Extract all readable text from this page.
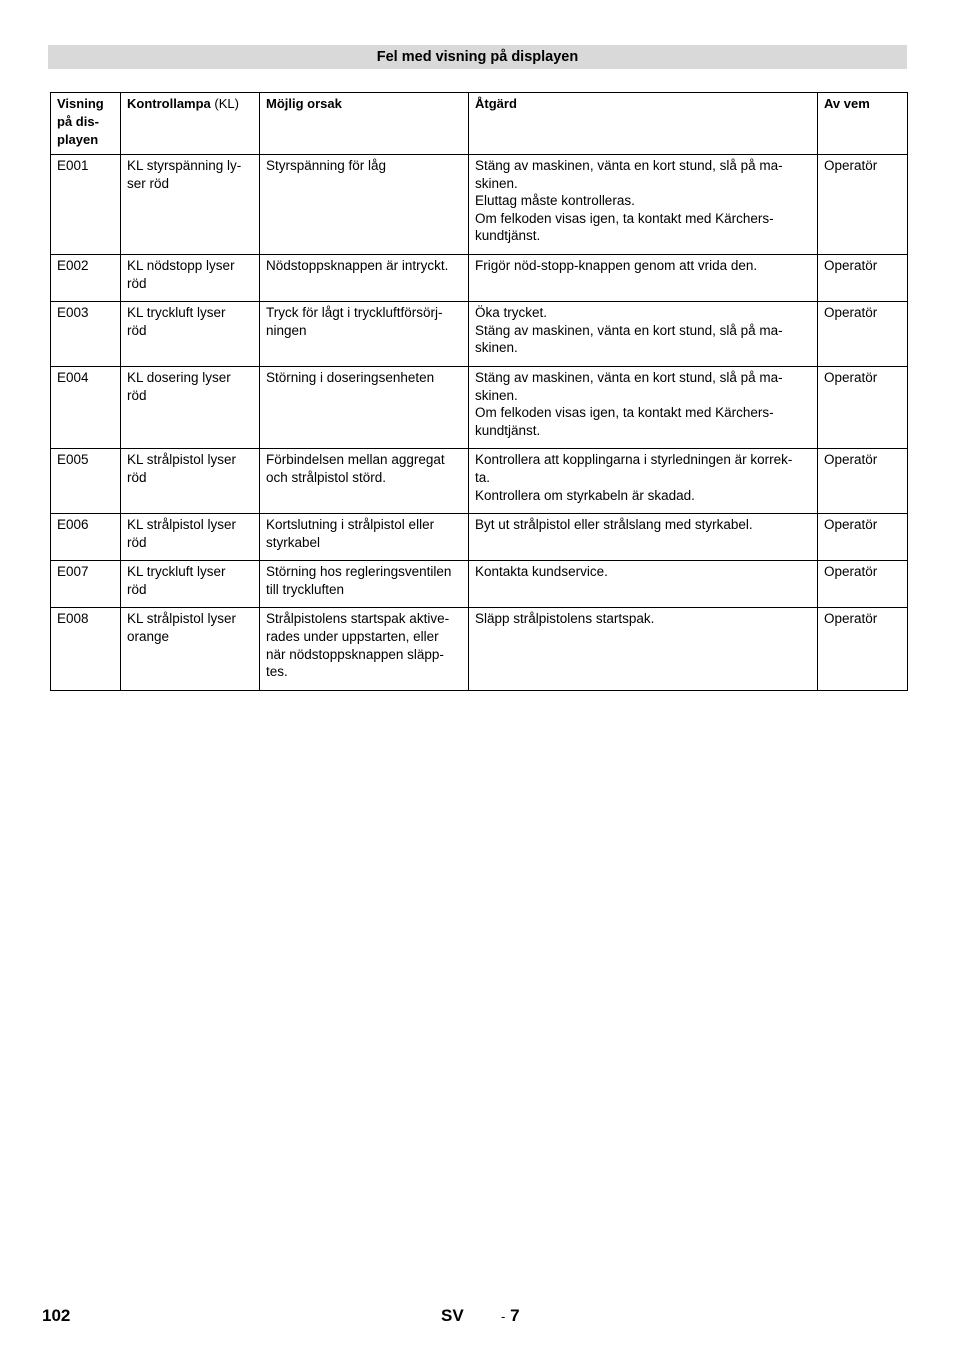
Fel med visning på displayen
Visning
på dis-
playen	Kontrollampa (KL)	Möjlig orsak	Åtgärd	Av vem
E001	KL styrspänning ly-
ser röd	Styrspänning för låg	Stäng av maskinen, vänta en kort stund, slå på ma-
skinen.
Eluttag måste kontrolleras.
Om felkoden visas igen, ta kontakt med Kärchers-
kundtjänst.	Operatör
E002	KL nödstopp lyser
röd	Nödstoppsknappen är intryckt.	Frigör nöd-stopp-knappen genom att vrida den.	Operatör
E003	KL tryckluft lyser
röd	Tryck för lågt i tryckluftförsörj-
ningen	Öka trycket.
Stäng av maskinen, vänta en kort stund, slå på ma-
skinen.	Operatör
E004	KL dosering lyser
röd	Störning i doseringsenheten	Stäng av maskinen, vänta en kort stund, slå på ma-
skinen.
Om felkoden visas igen, ta kontakt med Kärchers-
kundtjänst.	Operatör
E005	KL strålpistol lyser
röd	Förbindelsen mellan aggregat
och strålpistol störd.	Kontrollera att kopplingarna i styrledningen är korrek-
ta.
Kontrollera om styrkabeln är skadad.	Operatör
E006	KL strålpistol lyser
röd	Kortslutning i strålpistol eller
styrkabel	Byt ut strålpistol eller strålslang med styrkabel.	Operatör
E007	KL tryckluft lyser
röd	Störning hos regleringsventilen
till tryckluften	Kontakta kundservice.	Operatör
E008	KL strålpistol lyser
orange	Strålpistolens startspak aktive-
rades under uppstarten, eller
när nödstoppsknappen släpp-
tes.	Släpp strålpistolens startspak.	Operatör
102	SV	- 7
